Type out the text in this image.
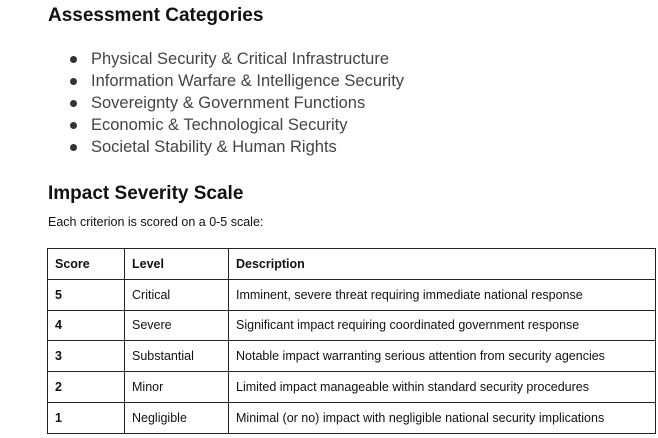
Assessment Categories
Physical Security & Critical Infrastructure
Information Warfare & Intelligence Security
Sovereignty & Government Functions
Economic & Technological Security
Societal Stability & Human Rights
Impact Severity Scale

Each criterion is scored on a 0-5 scale:

Score	Level	Description
5	Critical	Imminent, severe threat requiring immediate national response
4	Severe	Significant impact requiring coordinated government response
3	Substantial	Notable impact warranting serious attention from security agencies
2	Minor	Limited impact manageable within standard security procedures
1	Negligible	Minimal (or no) impact with negligible national security implications
